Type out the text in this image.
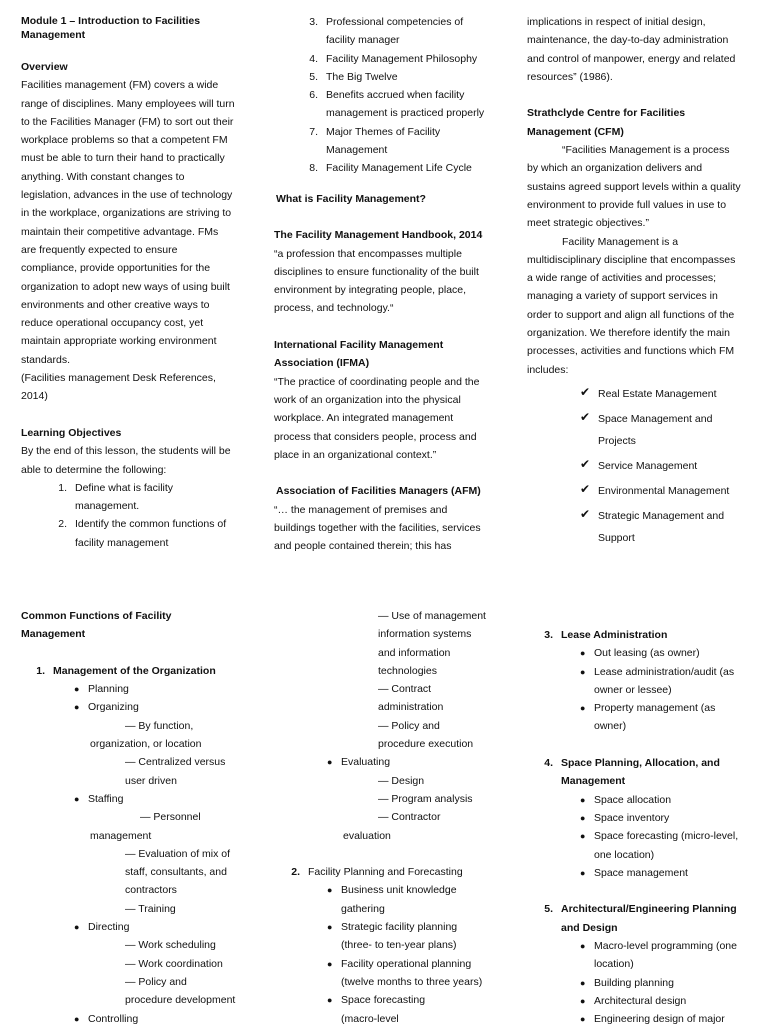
Module 1 – Introduction to Facilities
Management

Overview

Facilities management (FM) covers a wide
range of disciplines. Many employees will turn
to the Facilities Manager (FM) to sort out their
workplace problems so that a competent FM
must be able to turn their hand to practically
anything. With constant changes to
legislation, advances in the use of technology
in the workplace, organizations are striving to
maintain their competitive advantage. FMs
are frequently expected to ensure
compliance, provide opportunities for the
organization to adopt new ways of using built
environments and other creative ways to
reduce operational occupancy cost, yet
maintain appropriate working environment
standards.
(Facilities management Desk References,
2014)

Learning Objectives

By the end of this lesson, the students will be
able to determine the following:
1. Define what is facility
management.
2. Identify the common functions of
facility management
3. Professional competencies of
facility manager
4. Facility Management Philosophy
5. The Big Twelve
6. Benefits accrued when facility
management is practiced properly
7. Major Themes of Facility
Management
8. Facility Management Life Cycle

What is Facility Management?

The Facility Management Handbook, 2014

“a profession that encompasses multiple
disciplines to ensure functionality of the built
environment by integrating people, place,
process, and technology.“

International Facility Management
Association (IFMA)

“The practice of coordinating people and the
work of an organization into the physical
workplace. An integrated management
process that considers people, process and
place in an organizational context.”

Association of Facilities Managers (AFM)

“… the management of premises and
buildings together with the facilities, services
and people contained therein; this has
implications in respect of initial design,
maintenance, the day-to-day administration
and control of manpower, energy and related
resources” (1986).

Strathclyde Centre for Facilities
Management (CFM)

“Facilities Management is a process
by which an organization delivers and
sustains agreed support levels within a quality
environment to provide full values in use to
meet strategic objectives.”
Facility Management is a
multidisciplinary discipline that encompasses
a wide range of activities and processes;
managing a variety of support services in
order to support and align all functions of the
organization. We therefore identify the main
processes, activities and functions which FM
includes:
✔ Real Estate Management
✔ Space Management and
Projects
✔ Service Management
✔ Environmental Management
✔ Strategic Management and
Support

Common Functions of Facility
Management

1. Management of the Organization
● Planning
● Organizing
— By function,
organization, or location
— Centralized versus
user driven
● Staffing
— Personnel
management
— Evaluation of mix of
staff, consultants, and
contractors
— Training
● Directing
— Work scheduling
— Work coordination
— Policy and
procedure development
● Controlling
— Use of management
information systems
and information
technologies
— Contract
administration
— Policy and
procedure execution
● Evaluating
— Design
— Program analysis
— Contractor
evaluation
2. Facility Planning and Forecasting
● Business unit knowledge
gathering
● Strategic facility planning
(three- to ten-year plans)
● Facility operational planning
(twelve months to three years)
● Space forecasting
(macro-level
3. Lease Administration
● Out leasing (as owner)
● Lease administration/audit (as
owner or lessee)
● Property management (as
owner)
4. Space Planning, Allocation, and
Management
● Space allocation
● Space inventory
● Space forecasting (micro-level,
one location)
● Space management
5. Architectural/Engineering Planning
and Design
● Macro-level programming (one
location)
● Building planning
● Architectural design
● Engineering design of major
